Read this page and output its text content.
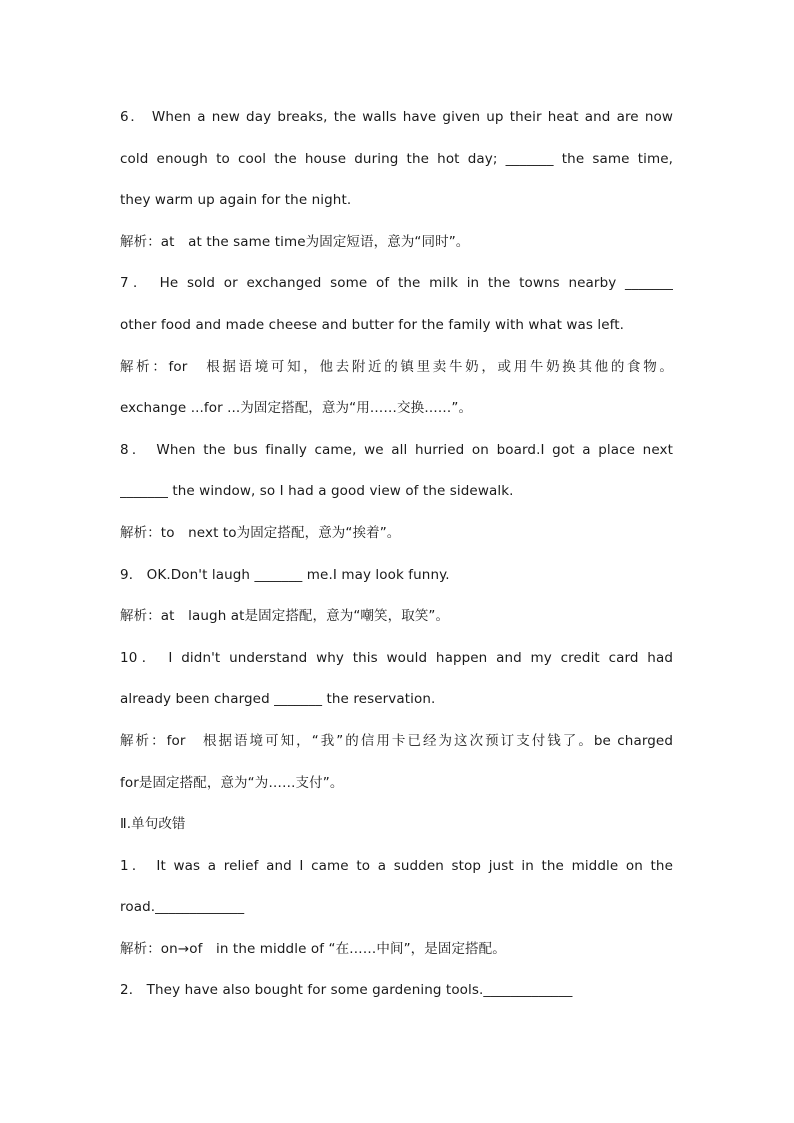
6． When a new day breaks, the walls have given up their heat and are now
cold enough to cool the house during the hot day; _______ the same time,
they warm up again for the night.
解析：at　at the same time为固定短语，意为“同时”。
7． He sold or exchanged some of the milk in the towns nearby _______
other food and made cheese and butter for the family with what was left.
解析：for　根据语境可知，他去附近的镇里卖牛奶，或用牛奶换其他的食物。
exchange ...for ...为固定搭配，意为“用……交换……”。
8． When the bus finally came, we all hurried on board.I got a place next
_______ the window, so I had a good view of the sidewalk.
解析：to　next to为固定搭配，意为“挨着”。
9． OK.Don't laugh _______ me.I may look funny.
解析：at　laugh at是固定搭配，意为“嘲笑，取笑”。
10． I didn't understand why this would happen and my credit card had
already been charged _______ the reservation.
解析：for　根据语境可知，“我”的信用卡已经为这次预订支付钱了。be charged
for是固定搭配，意为“为……支付”。
Ⅱ.单句改错
1． It was a relief and I came to a sudden stop just in the middle on the
road._____________
解析：on→of　in the middle of “在……中间”，是固定搭配。
2． They have also bought for some gardening tools._____________
